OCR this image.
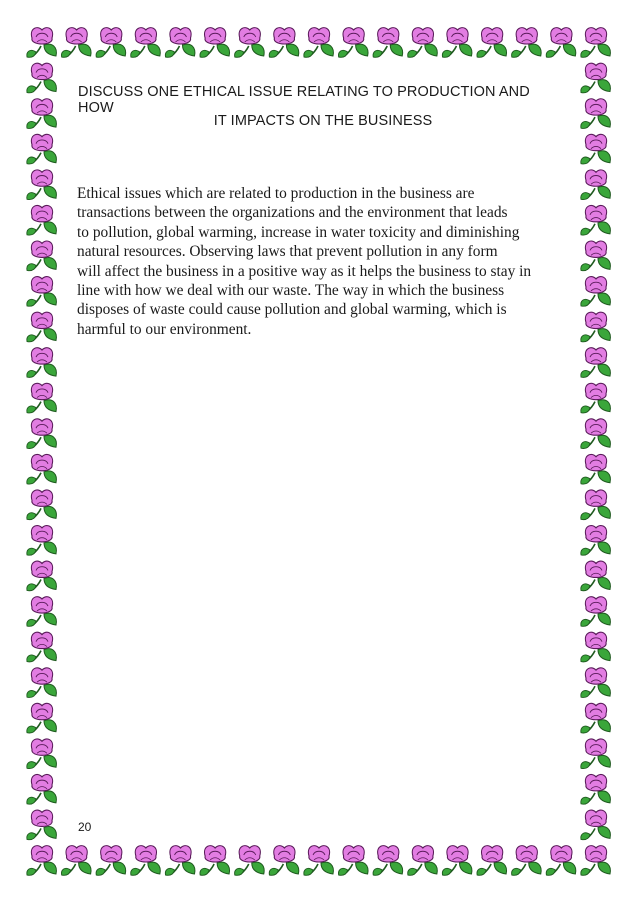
DISCUSS ONE ETHICAL ISSUE RELATING TO PRODUCTION AND HOW
IT IMPACTS ON THE BUSINESS
Ethical issues which are related to production in the business are
transactions between the organizations and the environment that leads
to pollution, global warming, increase in water toxicity and diminishing
natural resources. Observing laws that prevent pollution in any form
will affect the business in a positive way as it helps the business to stay in
line with how we deal with our waste. The way in which the business
disposes of waste could cause pollution and global warming, which is
harmful to our environment.
20
